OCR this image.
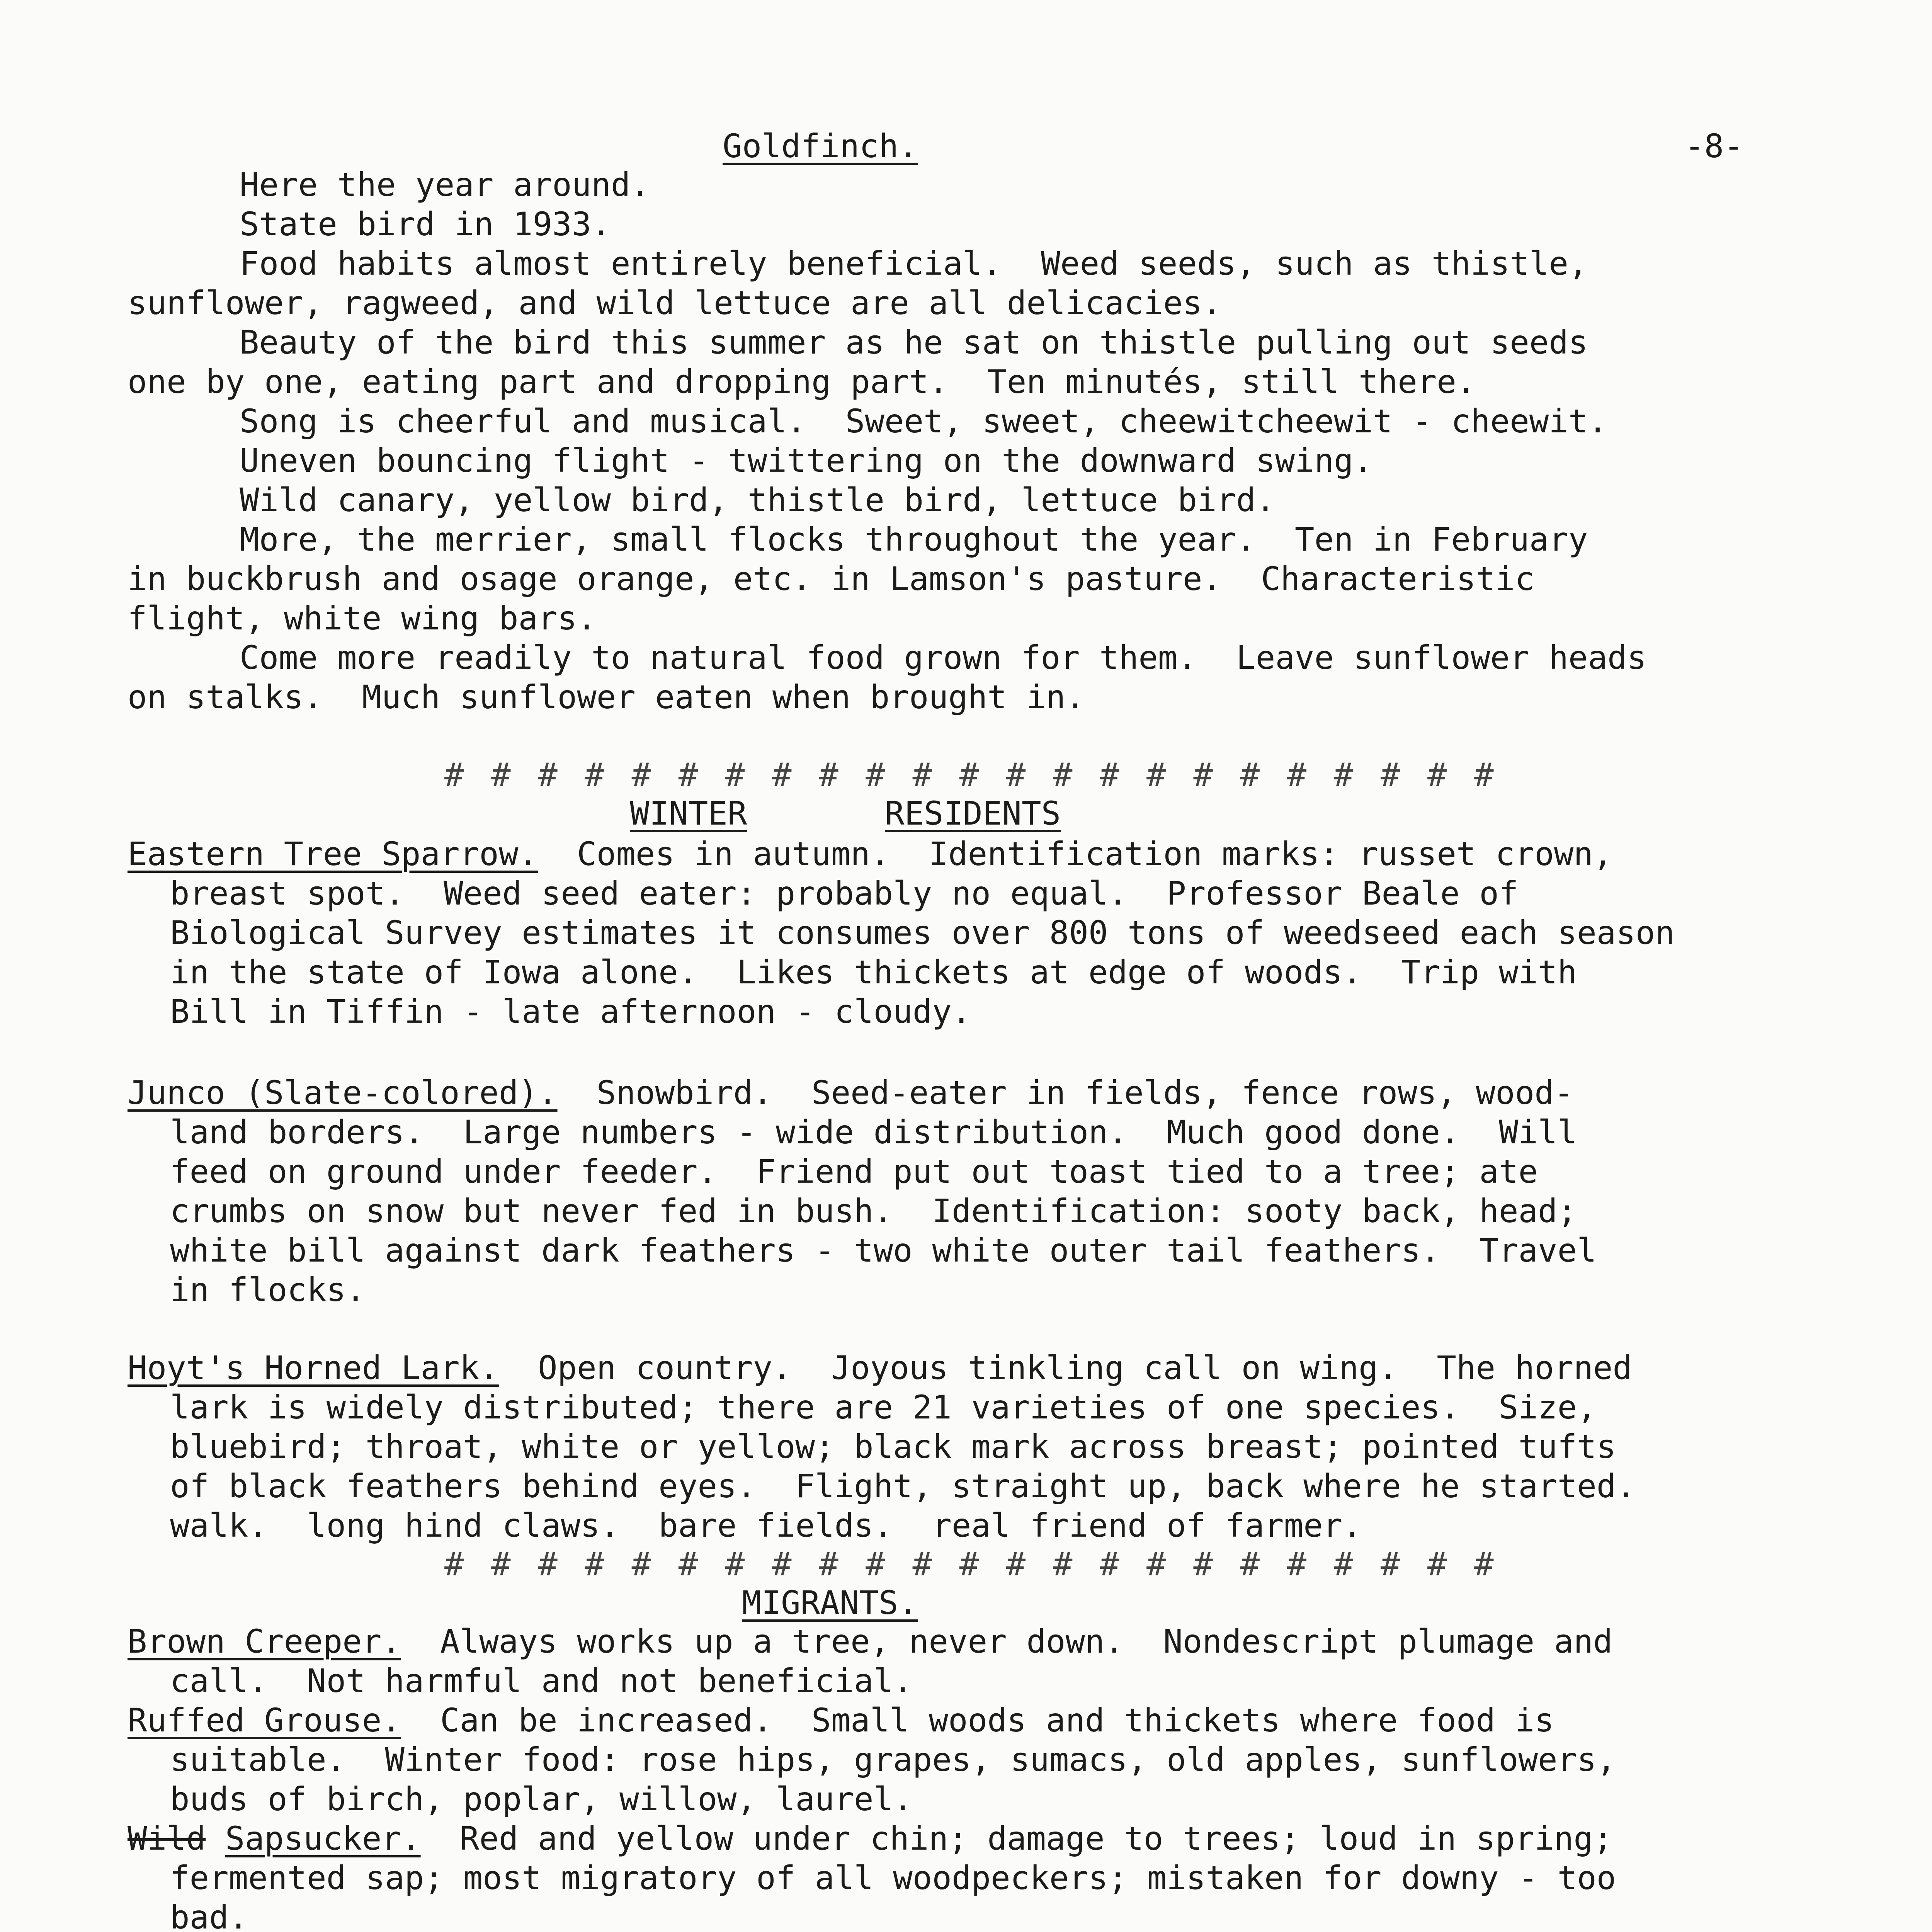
Goldfinch.	-8-
Here the year around.
State bird in 1933.
Food habits almost entirely beneficial.  Weed seeds, such as thistle,
sunflower, ragweed, and wild lettuce are all delicacies.
Beauty of the bird this summer as he sat on thistle pulling out seeds
one by one, eating part and dropping part.  Ten minutés, still there.
Song is cheerful and musical.  Sweet, sweet, cheewitcheewit - cheewit.
Uneven bouncing flight - twittering on the downward swing.
Wild canary, yellow bird, thistle bird, lettuce bird.
More, the merrier, small flocks throughout the year.  Ten in February
in buckbrush and osage orange, etc. in Lamson's pasture.  Characteristic
flight, white wing bars.
Come more readily to natural food grown for them.  Leave sunflower heads
on stalks.  Much sunflower eaten when brought in.
# # # # # # # # # # # # # # # # # # # # # # #
WINTER	RESIDENTS
Eastern Tree Sparrow.  Comes in autumn.  Identification marks: russet crown,
breast spot.  Weed seed eater: probably no equal.  Professor Beale of
Biological Survey estimates it consumes over 800 tons of weedseed each season
in the state of Iowa alone.  Likes thickets at edge of woods.  Trip with
Bill in Tiffin - late afternoon - cloudy.
Junco (Slate-colored).  Snowbird.  Seed-eater in fields, fence rows, wood-
land borders.  Large numbers - wide distribution.  Much good done.  Will
feed on ground under feeder.  Friend put out toast tied to a tree; ate
crumbs on snow but never fed in bush.  Identification: sooty back, head;
white bill against dark feathers - two white outer tail feathers.  Travel
in flocks.
Hoyt's Horned Lark.  Open country.  Joyous tinkling call on wing.  The horned
lark is widely distributed; there are 21 varieties of one species.  Size,
bluebird; throat, white or yellow; black mark across breast; pointed tufts
of black feathers behind eyes.  Flight, straight up, back where he started.
walk.  long hind claws.  bare fields.  real friend of farmer.
# # # # # # # # # # # # # # # # # # # # # # #
MIGRANTS.
Brown Creeper.  Always works up a tree, never down.  Nondescript plumage and
call.  Not harmful and not beneficial.
Ruffed Grouse.  Can be increased.  Small woods and thickets where food is
suitable.  Winter food: rose hips, grapes, sumacs, old apples, sunflowers,
buds of birch, poplar, willow, laurel.
Wild Sapsucker.  Red and yellow under chin; damage to trees; loud in spring;
fermented sap; most migratory of all woodpeckers; mistaken for downy - too
bad.
